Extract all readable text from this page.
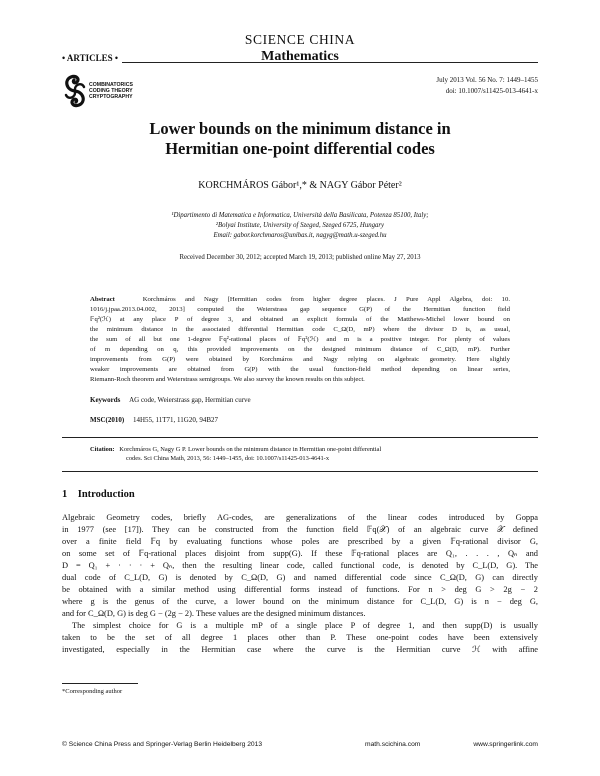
SCIENCE CHINA
Mathematics
• ARTICLES •
COMBINATORICS
CODING THEORY
CRYPTOGRAPHY
July 2013 Vol. 56 No. 7: 1449–1455
doi: 10.1007/s11425-013-4641-x
Lower bounds on the minimum distance in
Hermitian one-point differential codes
KORCHMÁROS Gábor¹,* & NAGY Gábor Péter²
¹Dipartimento di Matematica e Informatica, Università della Basilicata, Potenza 85100, Italy;
²Bolyai Institute, University of Szeged, Szeged 6725, Hungary
Email: gabor.korchmaros@unibas.it, nagyg@math.u-szeged.hu
Received December 30, 2012; accepted March 19, 2013; published online May 27, 2013
Abstract	Korchmáros and Nagy [Hermitian codes from higher degree places. J Pure Appl Algebra, doi: 10.
1016/j.jpaa.2013.04.002, 2013] computed the Weierstrass gap sequence G(P) of the Hermitian function field
𝔽q²(ℋ) at any place P of degree 3, and obtained an explicit formula of the Matthews-Michel lower bound on
the minimum distance in the associated differential Hermitian code C_Ω(D, mP) where the divisor D is, as usual,
the sum of all but one 1-degree 𝔽q²-rational places of 𝔽q²(ℋ) and m is a positive integer. For plenty of values
of m depending on q, this provided improvements on the designed minimum distance of C_Ω(D, mP). Further
improvements from G(P) were obtained by Korchmáros and Nagy relying on algebraic geometry. Here slightly
weaker improvements are obtained from G(P) with the usual function-field method depending on linear series,
Riemann-Roch theorem and Weierstrass semigroups. We also survey the known results on this subject.
Keywords AG code, Weierstrass gap, Hermitian curve
MSC(2010) 14H55, 11T71, 11G20, 94B27
Citation: Korchmáros G, Nagy G P. Lower bounds on the minimum distance in Hermitian one-point differential
codes. Sci China Math, 2013, 56: 1449–1455, doi: 10.1007/s11425-013-4641-x
1 Introduction
Algebraic Geometry codes, briefly AG-codes, are generalizations of the linear codes introduced by Goppa
in 1977 (see [17]). They can be constructed from the function field 𝔽q(𝒳) of an algebraic curve 𝒳 defined
over a finite field 𝔽q by evaluating functions whose poles are prescribed by a given 𝔽q-rational divisor G,
on some set of 𝔽q-rational places disjoint from supp(G). If these 𝔽q-rational places are Q₁, . . . , Qₙ and
D = Q₁ + · · · + Qₙ, then the resulting linear code, called functional code, is denoted by C_L(D, G). The
dual code of C_L(D, G) is denoted by C_Ω(D, G) and named differential code since C_Ω(D, G) can directly
be obtained with a similar method using differential forms instead of functions. For n > deg G > 2g − 2
where g is the genus of the curve, a lower bound on the minimum distance for C_L(D, G) is n − deg G,
and for C_Ω(D, G) is deg G − (2g − 2). These values are the designed minimum distances.
The simplest choice for G is a multiple mP of a single place P of degree 1, and then supp(D) is usually
taken to be the set of all degree 1 places other than P. These one-point codes have been extensively
investigated, especially in the Hermitian case where the curve is the Hermitian curve ℋ with affine
*Corresponding author
© Science China Press and Springer-Verlag Berlin Heidelberg 2013	math.scichina.com	www.springerlink.com
